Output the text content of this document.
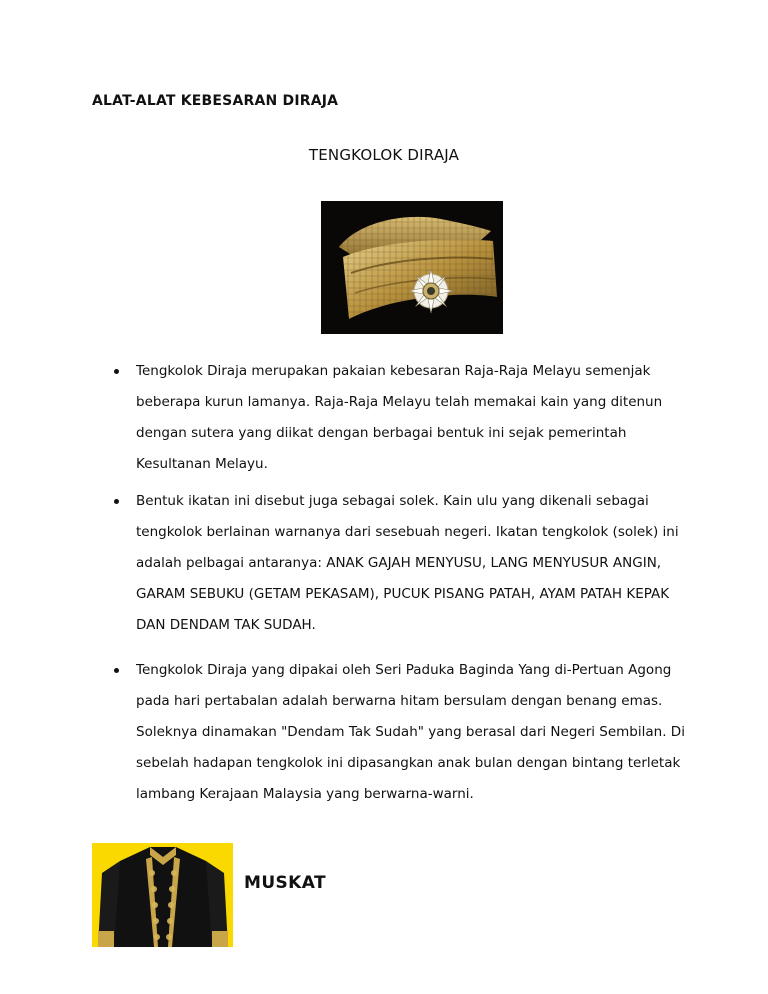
ALAT-ALAT KEBESARAN DIRAJA
TENGKOLOK DIRAJA
Tengkolok Diraja merupakan pakaian kebesaran Raja-Raja Melayu semenjak beberapa kurun lamanya. Raja-Raja Melayu telah memakai kain yang ditenun dengan sutera yang diikat dengan berbagai bentuk ini sejak pemerintah Kesultanan Melayu.
Bentuk ikatan ini disebut juga sebagai solek. Kain ulu yang dikenali sebagai tengkolok berlainan warnanya dari sesebuah negeri. Ikatan tengkolok (solek) ini adalah pelbagai antaranya: ANAK GAJAH MENYUSU, LANG MENYUSUR ANGIN, GARAM SEBUKU (GETAM PEKASAM), PUCUK PISANG PATAH, AYAM PATAH KEPAK DAN DENDAM TAK SUDAH.
Tengkolok Diraja yang dipakai oleh Seri Paduka Baginda Yang di-Pertuan Agong pada hari pertabalan adalah berwarna hitam bersulam dengan benang emas. Soleknya dinamakan "Dendam Tak Sudah" yang berasal dari Negeri Sembilan. Di sebelah hadapan tengkolok ini dipasangkan anak bulan dengan bintang terletak lambang Kerajaan Malaysia yang berwarna-warni.
MUSKAT
